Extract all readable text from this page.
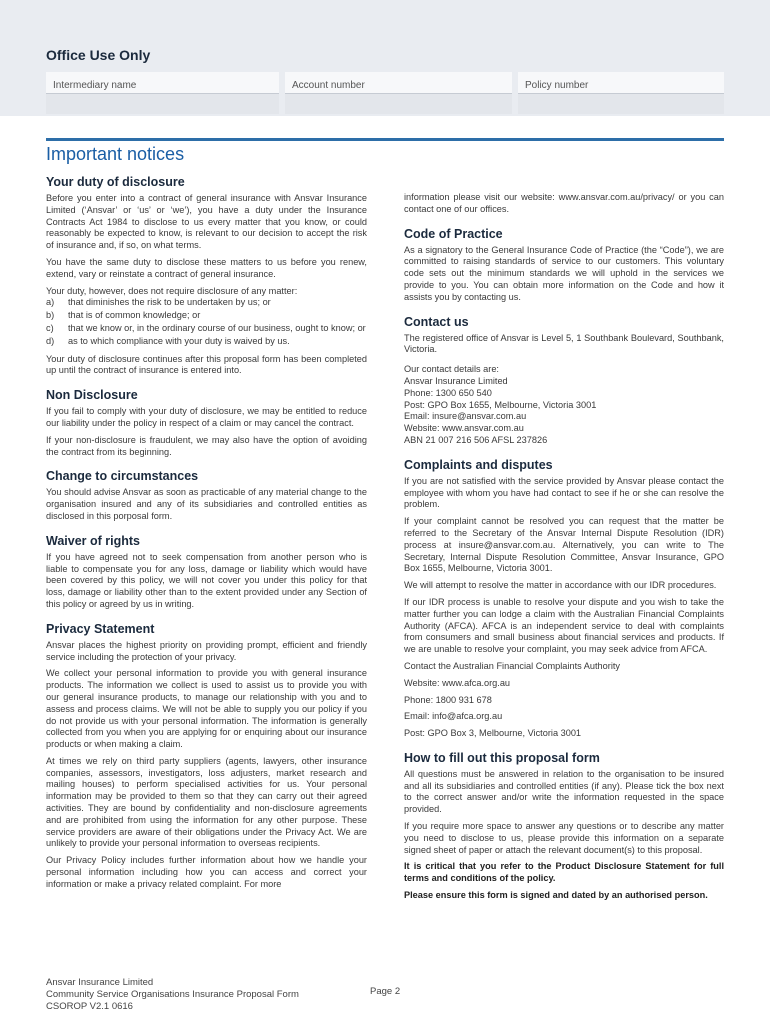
Office Use Only
Intermediary name	Account number	Policy number
Important notices
Your duty of disclosure

Before you enter into a contract of general insurance with Ansvar Insurance Limited (‘Ansvar’ or ‘us’ or ‘we’), you have a duty under the Insurance Contracts Act 1984 to disclose to us every matter that you know, or could reasonably be expected to know, is relevant to our decision to accept the risk of insurance and, if so, on what terms.

You have the same duty to disclose these matters to us before you renew, extend, vary or reinstate a contract of general insurance.

Your duty, however, does not require disclosure of any matter:

a)	that diminishes the risk to be undertaken by us; or
b)	that is of common knowledge; or
c)	that we know or, in the ordinary course of our business, ought to know; or
d)	as to which compliance with your duty is waived by us.

Your duty of disclosure continues after this proposal form has been completed up until the contract of insurance is entered into.

Non Disclosure

If you fail to comply with your duty of disclosure, we may be entitled to reduce our liability under the policy in respect of a claim or may cancel the contract.

If your non-disclosure is fraudulent, we may also have the option of avoiding the contract from its beginning.

Change to circumstances

You should advise Ansvar as soon as practicable of any material change to the organisation insured and any of its subsidiaries and controlled entities as disclosed in this porposal form.

Waiver of rights

If you have agreed not to seek compensation from another person who is liable to compensate you for any loss, damage or liability which would have been covered by this policy, we will not cover you under this policy for that loss, damage or liability other than to the extent provided under any Section of this policy or agreed by us in writing.

Privacy Statement

Ansvar places the highest priority on providing prompt, efficient and friendly service including the protection of your privacy.

We collect your personal information to provide you with general insurance products. The information we collect is used to assist us to provide you with our general insurance products, to manage our relationship with you and to assess and process claims. We will not be able to supply you our policy if you do not provide us with your personal information. The information is generally collected from you when you are applying for or enquiring about our insurance products or when making a claim.

At times we rely on third party suppliers (agents, lawyers, other insurance companies, assessors, investigators, loss adjusters, market research and mailing houses) to perform specialised activities for us. Your personal information may be provided to them so that they can carry out their agreed activities. They are bound by confidentiality and non-disclosure agreements and are prohibited from using the information for any other purpose. These service providers are aware of their obligations under the Privacy Act. We are unlikely to provide your personal information to overseas recipients.

Our Privacy Policy includes further information about how we handle your personal information including how you can access and correct your information or make a privacy related complaint. For more

information please visit our website: www.ansvar.com.au/privacy/ or you can contact one of our offices.

Code of Practice

As a signatory to the General Insurance Code of Practice (the “Code”), we are committed to raising standards of service to our customers. This voluntary code sets out the minimum standards we will uphold in the services we provide to you. You can obtain more information on the Code and how it assists you by contacting us.

Contact us

The registered office of Ansvar is Level 5, 1 Southbank Boulevard, Southbank, Victoria.

Our contact details are:

Ansvar Insurance Limited

Phone: 1300 650 540

Post: GPO Box 1655, Melbourne, Victoria 3001

Email: insure@ansvar.com.au

Website: www.ansvar.com.au

ABN 21 007 216 506 AFSL 237826

Complaints and disputes

If you are not satisfied with the service provided by Ansvar please contact the employee with whom you have had contact to see if he or she can resolve the problem.

If your complaint cannot be resolved you can request that the matter be referred to the Secretary of the Ansvar Internal Dispute Resolution (IDR) process at insure@ansvar.com.au. Alternatively, you can write to The Secretary, Internal Dispute Resolution Committee, Ansvar Insurance, GPO Box 1655, Melbourne, Victoria 3001.

We will attempt to resolve the matter in accordance with our IDR procedures.

If our IDR process is unable to resolve your dispute and you wish to take the matter further you can lodge a claim with the Australian Financial Complaints Authority (AFCA). AFCA is an independent service to deal with complaints from consumers and small business about financial services and products. If we are unable to resolve your complaint, you may seek advice from AFCA.

Contact the Australian Financial Complaints Authority

Website: www.afca.org.au

Phone: 1800 931 678

Email: info@afca.org.au

Post: GPO Box 3, Melbourne, Victoria 3001

How to fill out this proposal form

All questions must be answered in relation to the organisation to be insured and all its subsidiaries and controlled entities (if any). Please tick the box next to the correct answer and/or write the information requested in the space provided.

If you require more space to answer any questions or to describe any matter you need to disclose to us, please provide this information on a separate signed sheet of paper or attach the relevant document(s) to this proposal.

It is critical that you refer to the Product Disclosure Statement for full terms and conditions of the policy.

Please ensure this form is signed and dated by an authorised person.

Ansvar Insurance Limited
Community Service Organisations Insurance Proposal Form
CSOROP V2.1 0616
Page 2
